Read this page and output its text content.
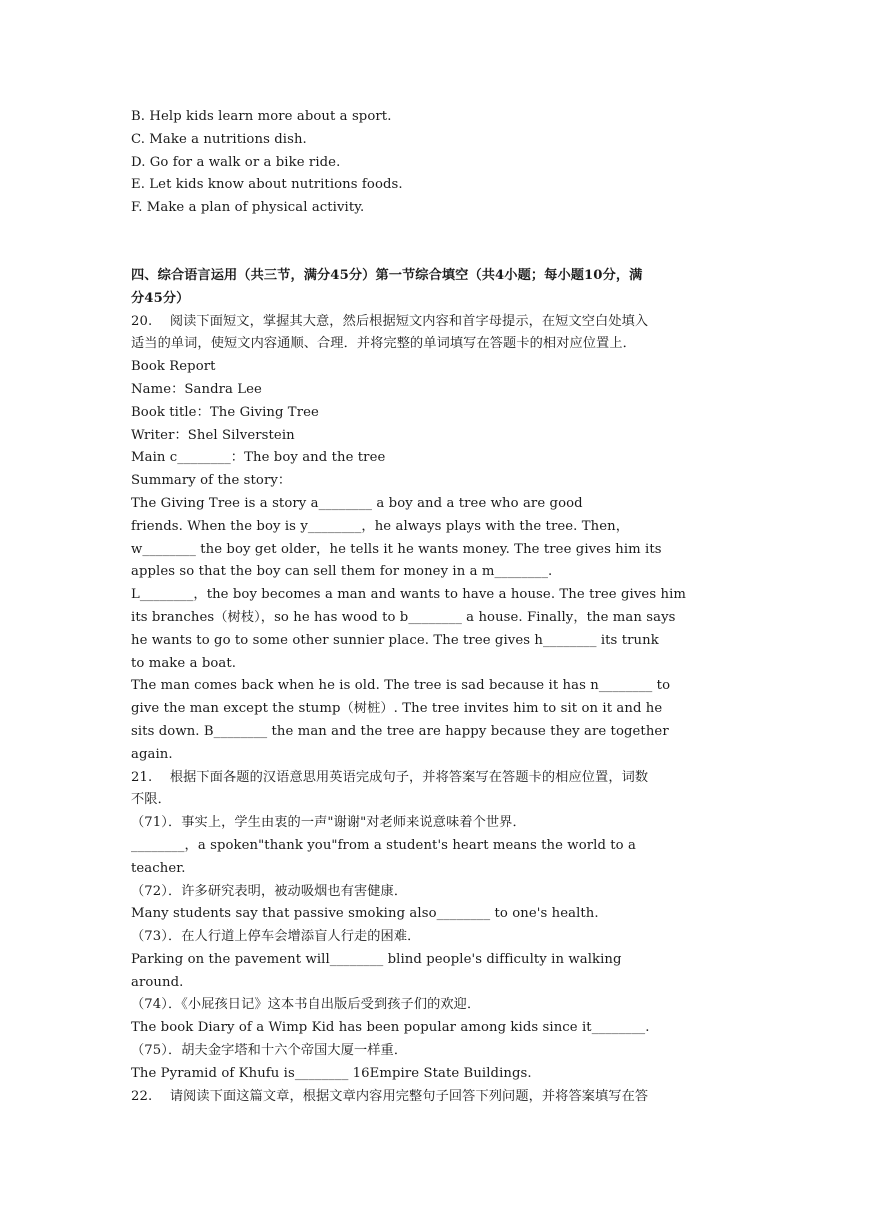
B. Help kids learn more about a sport.
C. Make a nutritions dish.
D. Go for a walk or a bike ride.
E. Let kids know about nutritions foods.
F. Make a plan of physical activity.
四、综合语言运用（共三节，满分45分）第一节综合填空（共4小题；每小题10分，满
分45分）
20.　 阅读下面短文，掌握其大意，然后根据短文内容和首字母提示，在短文空白处填入
适当的单词，使短文内容通顺、合理．并将完整的单词填写在答题卡的相对应位置上．
Book Report
Name：Sandra Lee
Book title：The Giving Tree
Writer：Shel Silverstein
Main c________：The boy and the tree
Summary of the story：
The Giving Tree is a story a________ a boy and a tree who are good
friends. When the boy is y________，he always plays with the tree. Then，
w________ the boy get older，he tells it he wants money. The tree gives him its
apples so that the boy can sell them for money in a m________.
L________，the boy becomes a man and wants to have a house. The tree gives him
its branches（树枝），so he has wood to b________ a house. Finally，the man says
he wants to go to some other sunnier place. The tree gives h________ its trunk
to make a boat.
The man comes back when he is old. The tree is sad because it has n________ to
give the man except the stump（树桩）. The tree invites him to sit on it and he
sits down. B________ the man and the tree are happy because they are together
again.
21.　 根据下面各题的汉语意思用英语完成句子，并将答案写在答题卡的相应位置，词数
不限．
（71）．事实上，学生由衷的一声"谢谢"对老师来说意味着个世界．
________，a spoken"thank you"from a student's heart means the world to a
teacher.
（72）．许多研究表明，被动吸烟也有害健康．
Many students say that passive smoking also________ to one's health.
（73）．在人行道上停车会增添盲人行走的困难．
Parking on the pavement will________ blind people's difficulty in walking
around.
（74）．《小屁孩日记》这本书自出版后受到孩子们的欢迎．
The book Diary of a Wimp Kid has been popular among kids since it________.
（75）．胡夫金字塔和十六个帝国大厦一样重．
The Pyramid of Khufu is________ 16Empire State Buildings.
22.　 请阅读下面这篇文章，根据文章内容用完整句子回答下列问题，并将答案填写在答
